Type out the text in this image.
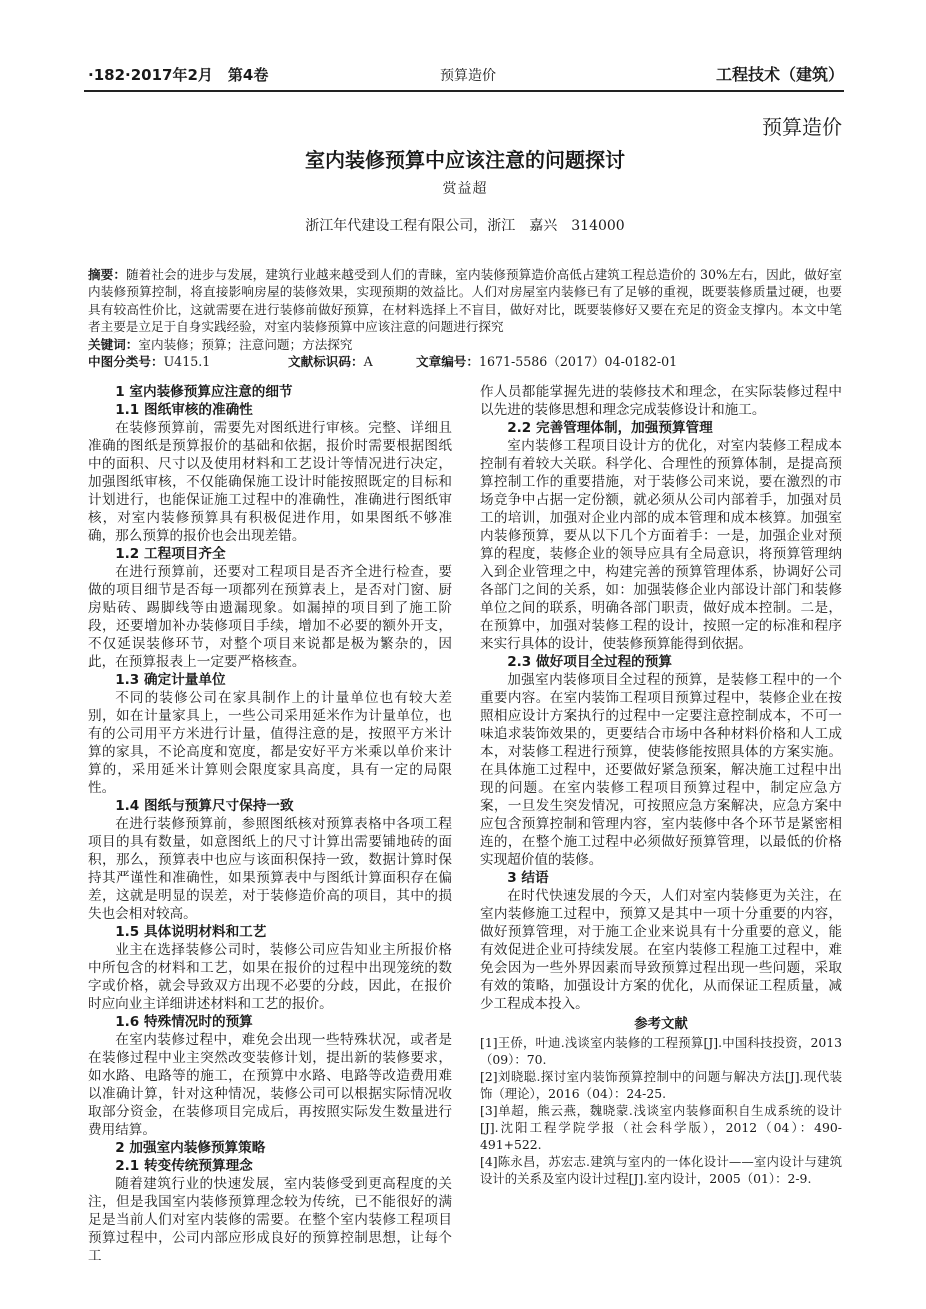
·182·2017年2月　第4卷	预算造价	工程技术（建筑）
预算造价
室内装修预算中应该注意的问题探讨
赏益超
浙江年代建设工程有限公司，浙江　嘉兴　314000
摘要：随着社会的进步与发展，建筑行业越来越受到人们的青睐，室内装修预算造价高低占建筑工程总造价的 30%左右，因此，做好室内装修预算控制，将直接影响房屋的装修效果，实现预期的效益比。人们对房屋室内装修已有了足够的重视，既要装修质量过硬，也要具有较高性价比，这就需要在进行装修前做好预算，在材料选择上不盲目，做好对比，既要装修好又要在充足的资金支撑内。本文中笔者主要是立足于自身实践经验，对室内装修预算中应该注意的问题进行探究
关键词：室内装修；预算；注意问题；方法探究
中图分类号：U415.1	文献标识码：A	文章编号：1671-5586（2017）04-0182-01
1 室内装修预算应注意的细节
1.1 图纸审核的准确性

在装修预算前，需要先对图纸进行审核。完整、详细且准确的图纸是预算报价的基础和依据，报价时需要根据图纸中的面积、尺寸以及使用材料和工艺设计等情况进行决定，加强图纸审核，不仅能确保施工设计时能按照既定的目标和计划进行，也能保证施工过程中的准确性，准确进行图纸审核，对室内装修预算具有积极促进作用，如果图纸不够准确，那么预算的报价也会出现差错。

1.2 工程项目齐全

在进行预算前，还要对工程项目是否齐全进行检查，要做的项目细节是否每一项都列在预算表上，是否对门窗、厨房贴砖、踢脚线等由遗漏现象。如漏掉的项目到了施工阶段，还要增加补办装修项目手续，增加不必要的额外开支，不仅延误装修环节，对整个项目来说都是极为繁杂的，因此，在预算报表上一定要严格核查。

1.3 确定计量单位

不同的装修公司在家具制作上的计量单位也有较大差别，如在计量家具上，一些公司采用延米作为计量单位，也有的公司用平方米进行计量，值得注意的是，按照平方米计算的家具，不论高度和宽度，都是安好平方米乘以单价来计算的，采用延米计算则会限度家具高度，具有一定的局限性。

1.4 图纸与预算尺寸保持一致

在进行装修预算前，参照图纸核对预算表格中各项工程项目的具有数量，如意图纸上的尺寸计算出需要铺地砖的面积，那么，预算表中也应与该面积保持一致，数据计算时保持其严谨性和准确性，如果预算表中与图纸计算面积存在偏差，这就是明显的误差，对于装修造价高的项目，其中的损失也会相对较高。

1.5 具体说明材料和工艺

业主在选择装修公司时，装修公司应告知业主所报价格中所包含的材料和工艺，如果在报价的过程中出现笼统的数字或价格，就会导致双方出现不必要的分歧，因此，在报价时应向业主详细讲述材料和工艺的报价。

1.6 特殊情况时的预算

在室内装修过程中，难免会出现一些特殊状况，或者是在装修过程中业主突然改变装修计划，提出新的装修要求，如水路、电路等的施工，在预算中水路、电路等改造费用难以准确计算，针对这种情况，装修公司可以根据实际情况收取部分资金，在装修项目完成后，再按照实际发生数量进行费用结算。

2 加强室内装修预算策略
2.1 转变传统预算理念

随着建筑行业的快速发展，室内装修受到更高程度的关注，但是我国室内装修预算理念较为传统，已不能很好的满足是当前人们对室内装修的需要。在整个室内装修工程项目预算过程中，公司内部应形成良好的预算控制思想，让每个工

作人员都能掌握先进的装修技术和理念，在实际装修过程中以先进的装修思想和理念完成装修设计和施工。

2.2 完善管理体制，加强预算管理

室内装修工程项目设计方的优化，对室内装修工程成本控制有着较大关联。科学化、合理性的预算体制，是提高预算控制工作的重要措施，对于装修公司来说，要在激烈的市场竞争中占据一定份额，就必须从公司内部着手，加强对员工的培训，加强对企业内部的成本管理和成本核算。加强室内装修预算，要从以下几个方面着手：一是，加强企业对预算的程度，装修企业的领导应具有全局意识，将预算管理纳入到企业管理之中，构建完善的预算管理体系，协调好公司各部门之间的关系，如：加强装修企业内部设计部门和装修单位之间的联系，明确各部门职责，做好成本控制。二是，在预算中，加强对装修工程的设计，按照一定的标准和程序来实行具体的设计，使装修预算能得到依据。

2.3 做好项目全过程的预算

加强室内装修项目全过程的预算，是装修工程中的一个重要内容。在室内装饰工程项目预算过程中，装修企业在按照相应设计方案执行的过程中一定要注意控制成本，不可一味追求装饰效果的，更要结合市场中各种材料价格和人工成本，对装修工程进行预算，使装修能按照具体的方案实施。在具体施工过程中，还要做好紧急预案，解决施工过程中出现的问题。在室内装修工程项目预算过程中，制定应急方案，一旦发生突发情况，可按照应急方案解决，应急方案中应包含预算控制和管理内容，室内装修中各个环节是紧密相连的，在整个施工过程中必须做好预算管理，以最低的价格实现超价值的装修。

3 结语

在时代快速发展的今天，人们对室内装修更为关注，在室内装修施工过程中，预算又是其中一项十分重要的内容，做好预算管理，对于施工企业来说具有十分重要的意义，能有效促进企业可持续发展。在室内装修工程施工过程中，难免会因为一些外界因素而导致预算过程出现一些问题，采取有效的策略，加强设计方案的优化，从而保证工程质量，减少工程成本投入。

参考文献

[1]王侨，叶迪.浅谈室内装修的工程预算[J].中国科技投资，2013（09）：70.

[2]刘晓聪.探讨室内装饰预算控制中的问题与解决方法[J].现代装饰（理论），2016（04）：24-25.

[3]单超，熊云燕，魏晓蒙.浅谈室内装修面积自生成系统的设计[J].沈阳工程学院学报（社会科学版），2012（04）：490-491+522.

[4]陈永昌，苏宏志.建筑与室内的一体化设计——室内设计与建筑设计的关系及室内设计过程[J].室内设计，2005（01）：2-9.
